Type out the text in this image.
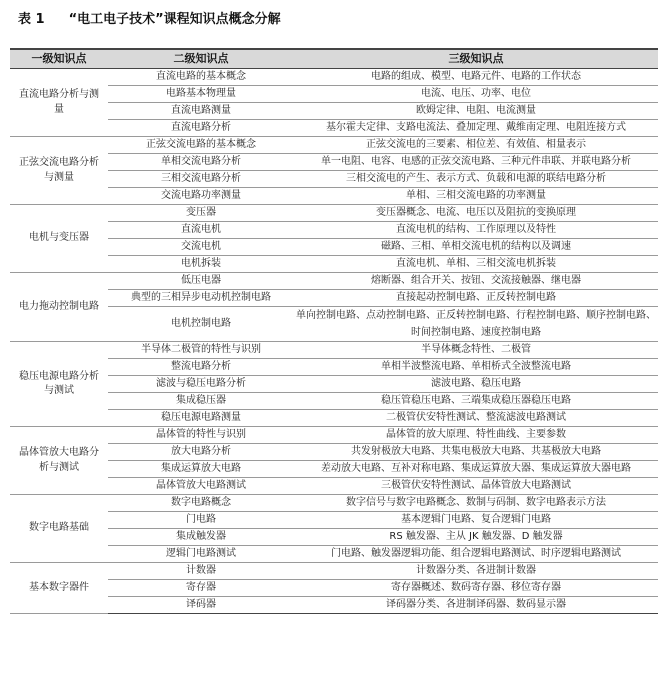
表 1 “电工电子技术”课程知识点概念分解
一级知识点	二级知识点	三级知识点
直流电路分析与测量	直流电路的基本概念	电路的组成、模型、电路元件、电路的工作状态
	电路基本物理量	电流、电压、功率、电位
	直流电路测量	欧姆定律、电阻、电流测量
	直流电路分析	基尔霍夫定律、支路电流法、叠加定理、戴维南定理、电阻连接方式
正弦交流电路分析与测量	正弦交流电路的基本概念	正弦交流电的三要素、相位差、有效值、相量表示
	单相交流电路分析	单一电阻、电容、电感的正弦交流电路、三种元件串联、并联电路分析
	三相交流电路分析	三相交流电的产生、表示方式、负载和电源的联结电路分析
	交流电路功率测量	单相、三相交流电路的功率测量
电机与变压器	变压器	变压器概念、电流、电压以及阻抗的变换原理
	直流电机	直流电机的结构、工作原理以及特性
	交流电机	磁路、三相、单相交流电机的结构以及调速
	电机拆装	直流电机、单相、三相交流电机拆装
电力拖动控制电路	低压电器	熔断器、组合开关、按钮、交流接触器、继电器
	典型的三相异步电动机控制电路	直接起动控制电路、正反转控制电路
	电机控制电路	单向控制电路、点动控制电路、正反转控制电路、行程控制电路、顺序控制电路、时间控制电路、速度控制电路
稳压电源电路分析与测试	半导体二极管的特性与识别	半导体概念特性、二极管
	整流电路分析	单相半波整流电路、单相桥式全波整流电路
	滤波与稳压电路分析	滤波电路、稳压电路
	集成稳压器	稳压管稳压电路、三端集成稳压器稳压电路
	稳压电源电路测量	二极管伏安特性测试、整流滤波电路测试
晶体管放大电路分析与测试	晶体管的特性与识别	晶体管的放大原理、特性曲线、主要参数
	放大电路分析	共发射极放大电路、共集电极放大电路、共基极放大电路
	集成运算放大电路	差动放大电路、互补对称电路、集成运算放大器、集成运算放大器电路
	晶体管放大电路测试	三极管伏安特性测试、晶体管放大电路测试
数字电路基础	数字电路概念	数字信号与数字电路概念、数制与码制、数字电路表示方法
	门电路	基本逻辑门电路、复合逻辑门电路
	集成触发器	RS 触发器、主从 JK 触发器、D 触发器
	逻辑门电路测试	门电路、触发器逻辑功能、组合逻辑电路测试、时序逻辑电路测试
基本数字器件	计数器	计数器分类、各进制计数器
	寄存器	寄存器概述、数码寄存器、移位寄存器
	译码器	译码器分类、各进制译码器、数码显示器
